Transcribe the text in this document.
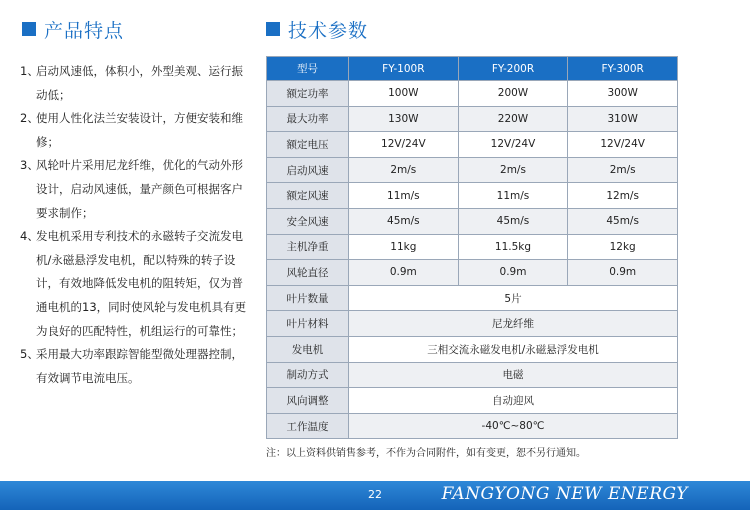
产品特点
1、
启动风速低，体积小，外型美观、运行振动低；
2、
使用人性化法兰安装设计，方便安装和维修；
3、
风轮叶片采用尼龙纤维，优化的气动外形设计，启动风速低，量产颜色可根据客户要求制作；
4、
发电机采用专利技术的永磁转子交流发电机/永磁悬浮发电机，配以特殊的转子设计，有效地降低发电机的阻转矩，仅为普通电机的13，同时使风轮与发电机具有更为良好的匹配特性，机组运行的可靠性；
5、
采用最大功率跟踪智能型微处理器控制，有效调节电流电压。
技术参数
型号	FY-100R	FY-200R	FY-300R
额定功率	100W	200W	300W
最大功率	130W	220W	310W
额定电压	12V/24V	12V/24V	12V/24V
启动风速	2m/s	2m/s	2m/s
额定风速	11m/s	11m/s	12m/s
安全风速	45m/s	45m/s	45m/s
主机净重	11kg	11.5kg	12kg
风轮直径	0.9m	0.9m	0.9m
叶片数量	5片		
叶片材料	尼龙纤维		
发电机	三相交流永磁发电机/永磁悬浮发电机		
制动方式	电磁		
风向调整	自动迎风		
工作温度	-40℃~80℃		
注：以上资料供销售参考，不作为合同附件，如有变更，恕不另行通知。
22	FANGYONG NEW ENERGY
